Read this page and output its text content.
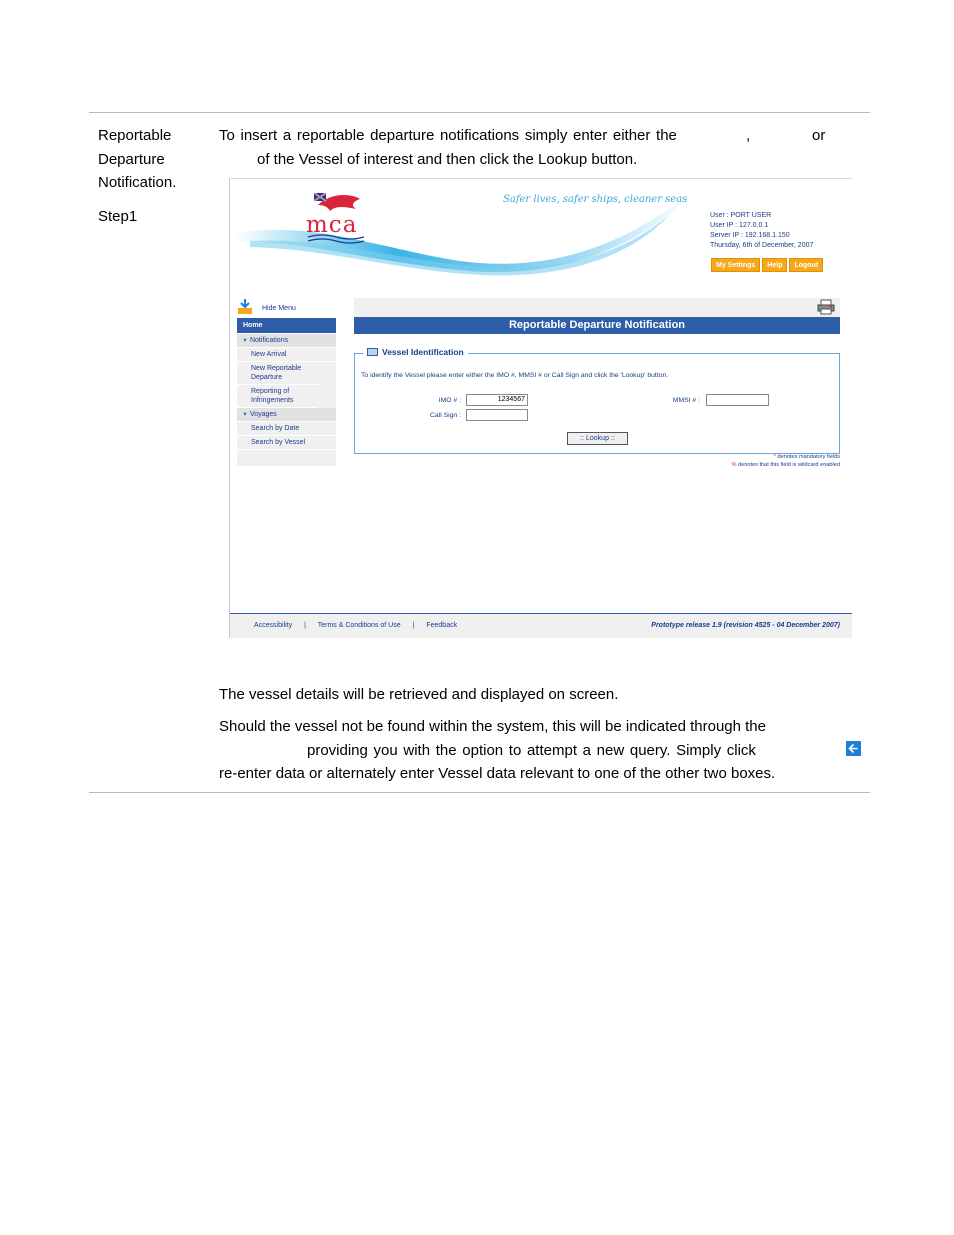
Reportable
Departure
Notification.
Step1
To insert a reportable departure notifications simply enter either the	,	or
of the Vessel of interest and then click the Lookup button.
Safer lives, safer ships, cleaner seas
mca	User : PORT USER
User IP : 127.0.0.1
Server IP : 192.168.1.150
Thursday, 6th of December, 2007
My Settings	Help	Logout
Hide Menu
Home
▼ Notifications
New Arrival
New Reportable Departure
Reporting of Infringements
▼ Voyages
Search by Date
Search by Vessel
Reportable Departure Notification
Vessel Identification
To identify the Vessel please enter either the IMO #, MMSI # or Call Sign and click the 'Lookup' button.
IMO # :	1234567
Call Sign :
MMSI # :
:: Lookup ::
* denotes mandatory fields
% denotes that this field is wildcard enabled
Accessibility | Terms & Conditions of Use | Feedback	Prototype release 1.9 (revision 4525 - 04 December 2007)
The vessel details will be retrieved and displayed on screen.
Should the vessel not be found within the system, this will be indicated through the
providing you with the option to attempt a new query. Simply click
re-enter data or alternately enter Vessel data relevant to one of the other two boxes.
